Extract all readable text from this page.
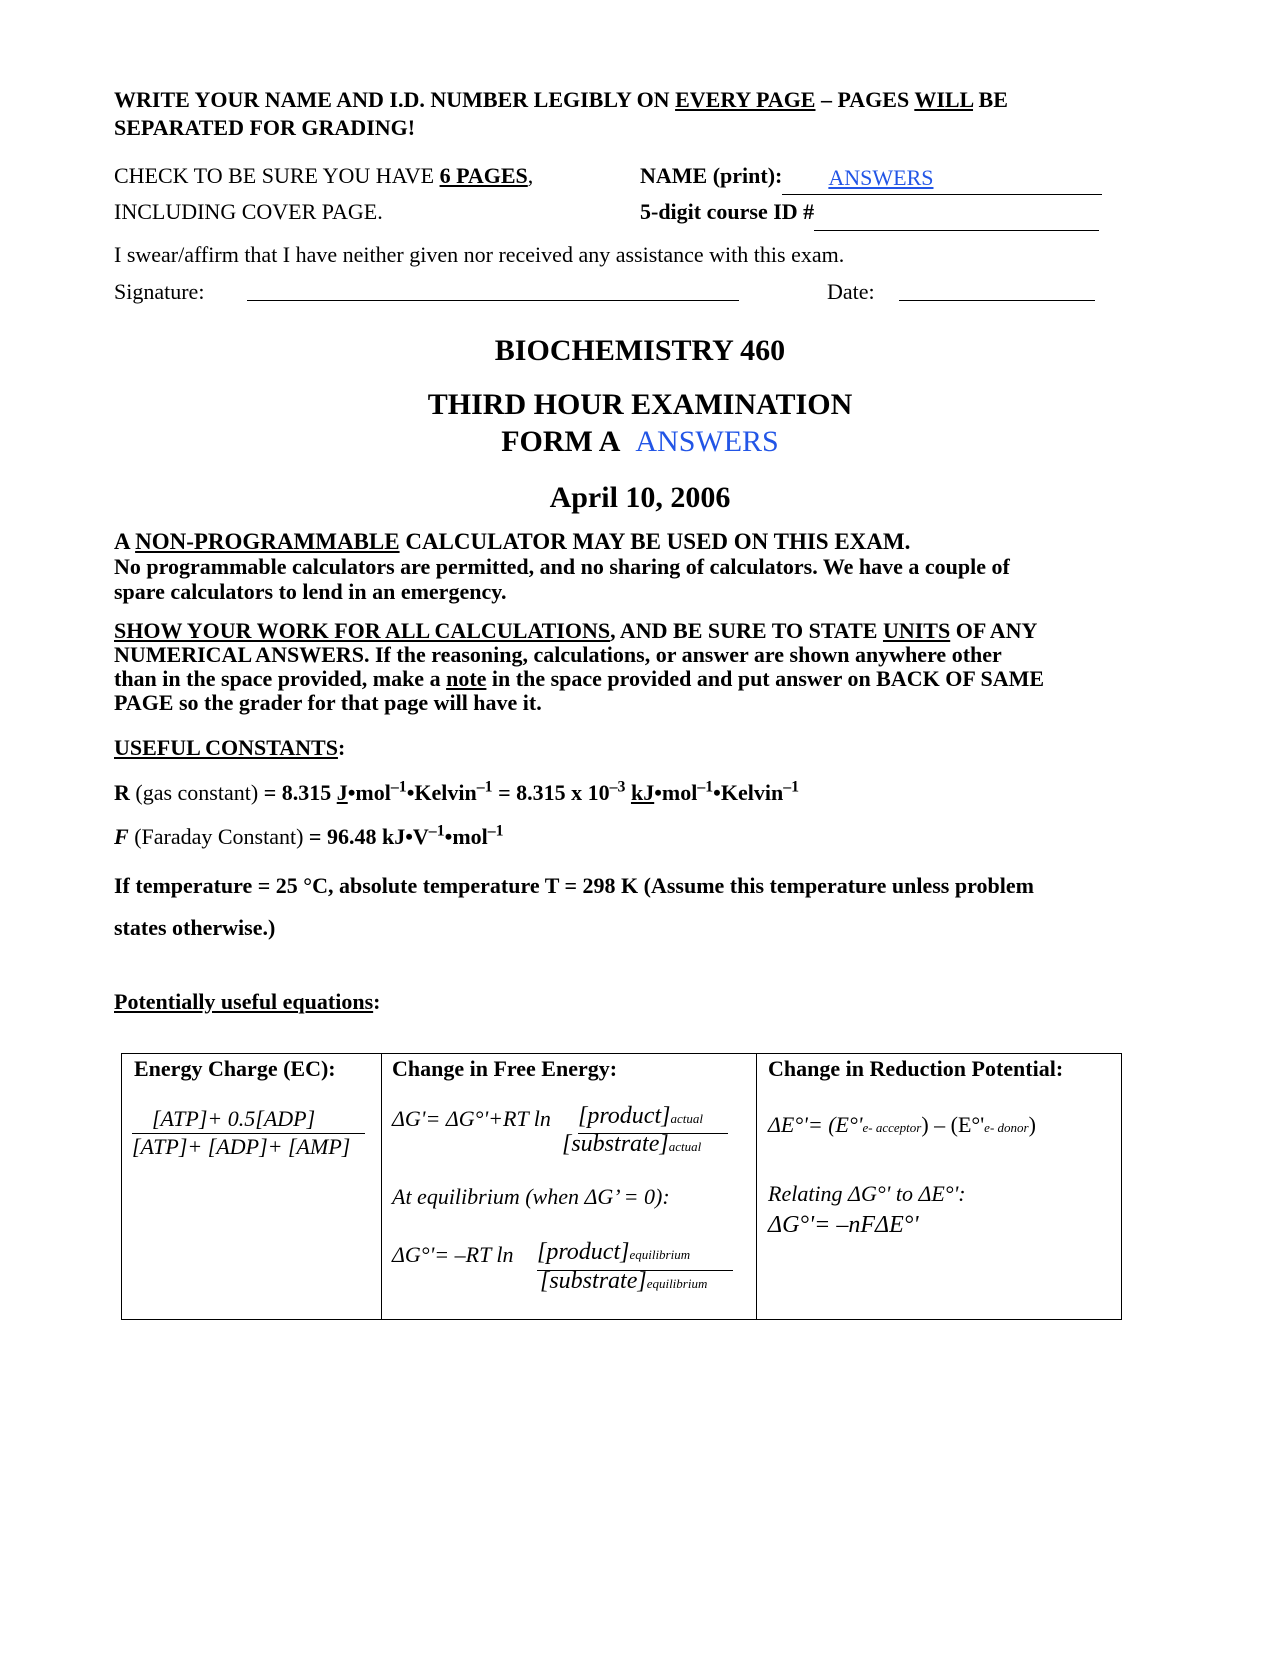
WRITE YOUR NAME AND I.D. NUMBER LEGIBLY ON EVERY PAGE – PAGES WILL BE
SEPARATED FOR GRADING!
CHECK TO BE SURE YOU HAVE 6 PAGES,
INCLUDING COVER PAGE.
NAME (print): ANSWERS

5-digit course ID #
I swear/affirm that I have neither given nor received any assistance with this exam.
Signature:	Date:
BIOCHEMISTRY 460
THIRD HOUR EXAMINATION
FORM A ANSWERS
April 10, 2006
A NON-PROGRAMMABLE CALCULATOR MAY BE USED ON THIS EXAM.
No programmable calculators are permitted, and no sharing of calculators. We have a couple of
spare calculators to lend in an emergency.
SHOW YOUR WORK FOR ALL CALCULATIONS, AND BE SURE TO STATE UNITS OF ANY
NUMERICAL ANSWERS. If the reasoning, calculations, or answer are shown anywhere other
than in the space provided, make a note in the space provided and put answer on BACK OF SAME
PAGE so the grader for that page will have it.
USEFUL CONSTANTS:
R (gas constant) = 8.315 J•mol$^{-1}$•Kelvin$^{-1}$ = 8.315 x $10^{-3}$ kJ•mol$^{-1}$•Kelvin$^{-1}$
F (Faraday Constant) = 96.48 $kJ•V^{-1}•mol^{-1}$
If temperature = 25 °C, absolute temperature T = 298 K (Assume this temperature unless problem
states otherwise.)
Potentially useful equations:
Energy Charge (EC):
[ATP]+ 0.5[ADP]
[ATP]+ [ADP]+ [AMP]

Change in Free Energy:
ΔG'= ΔG°'+RT ln [product]actual
[substrate]actual
At equilibrium (when ΔG’ = 0):
ΔG°'= –RT ln [product]equilibrium
[substrate]equilibrium

Change in Reduction Potential:
ΔE°'= (E°'e- acceptor) – (E°'e- donor)
Relating ΔG°' to ΔE°':
ΔG°'= –nFΔE°'
